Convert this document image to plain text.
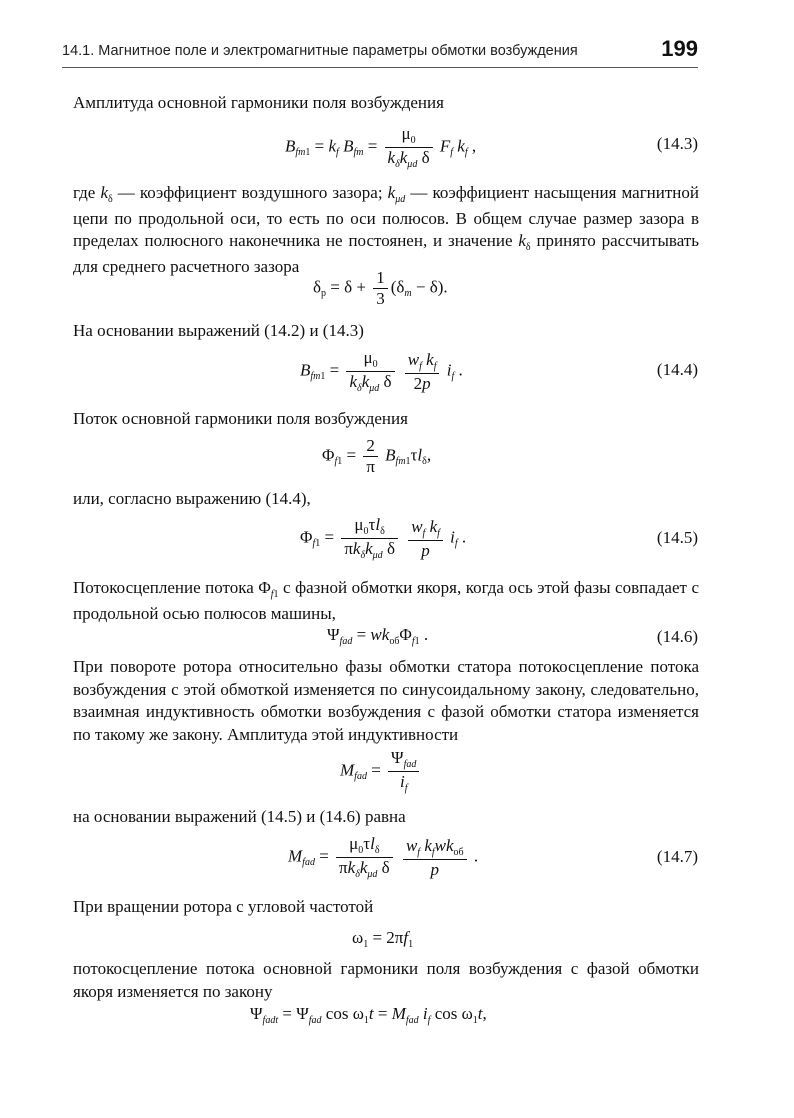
14.1. Магнитное поле и электромагнитные параметры обмотки возбуждения	199
Амплитуда основной гармоники поля возбуждения
$B_{fm1} = k_f$ $B_{fm} = \frac{\mu_0}{k_\delta k_{\mu d} \delta} F_f$ $k_f$ ,	(14.3)
где $k_\delta$ — коэффициент воздушного зазора; $k_{\mu d}$ — коэффициент насыщения магнитной цепи по продольной оси, то есть по оси полюсов. В общем случае размер зазора в пределах полюсного наконечника не постоянен, и значение $k_\delta$ принято рассчитывать для среднего расчетного зазора
$\delta_р = \delta + \frac{1}{3} (\delta_m - \delta)$.
На основании выражений (14.2) и (14.3)
$B_{fm1} = \frac{\mu_0}{k_\delta k_{\mu d} \delta}$
$\frac{w_f k_f}{2p} i_f$ .	(14.4)
Поток основной гармоники поля возбуждения
$\Phi_{f1} = \frac{2}{\pi} B_{fm1}\tau l_\delta$,
или, согласно выражению (14.4),
$\Phi_{f1} = \frac{\mu_0\tau l_\delta}{\pi k_\delta k_{\mu d} \delta}$
$\frac{w_f k_f}{p} i_f$ .	(14.5)
Потокосцепление потока $\Phi_{f1}$ с фазной обмотки якоря, когда ось этой фазы совпадает с продольной осью полюсов машины,
$\Psi_{fad} = wk_{об}\Phi_{f1}$ .	(14.6)
При повороте ротора относительно фазы обмотки статора потокосцепление потока возбуждения с этой обмоткой изменяется по синусоидальному закону, следовательно, взаимная индуктивность обмотки возбуждения с фазой обмотки статора изменяется по такому же закону. Амплитуда этой индуктивности
$M_{fad} = \frac{\Psi_{fad}}{i_f}$
на основании выражений (14.5) и (14.6) равна
$M_{fad} = \frac{\mu_0\tau l_\delta}{\pi k_\delta k_{\mu d} \delta}$
$\frac{w_f k_fwk_{об}}{p}$ .	(14.7)
При вращении ротора с угловой частотой
$\omega_1 = 2\pi f_1$
потокосцепление потока основной гармоники поля возбуждения с фазой обмотки якоря изменяется по закону
$\Psi_{fadt} = \Psi_{fad}$ $\cos \omega_1t = M_{fad}$ $i_f$ $\cos \omega_1t$,
